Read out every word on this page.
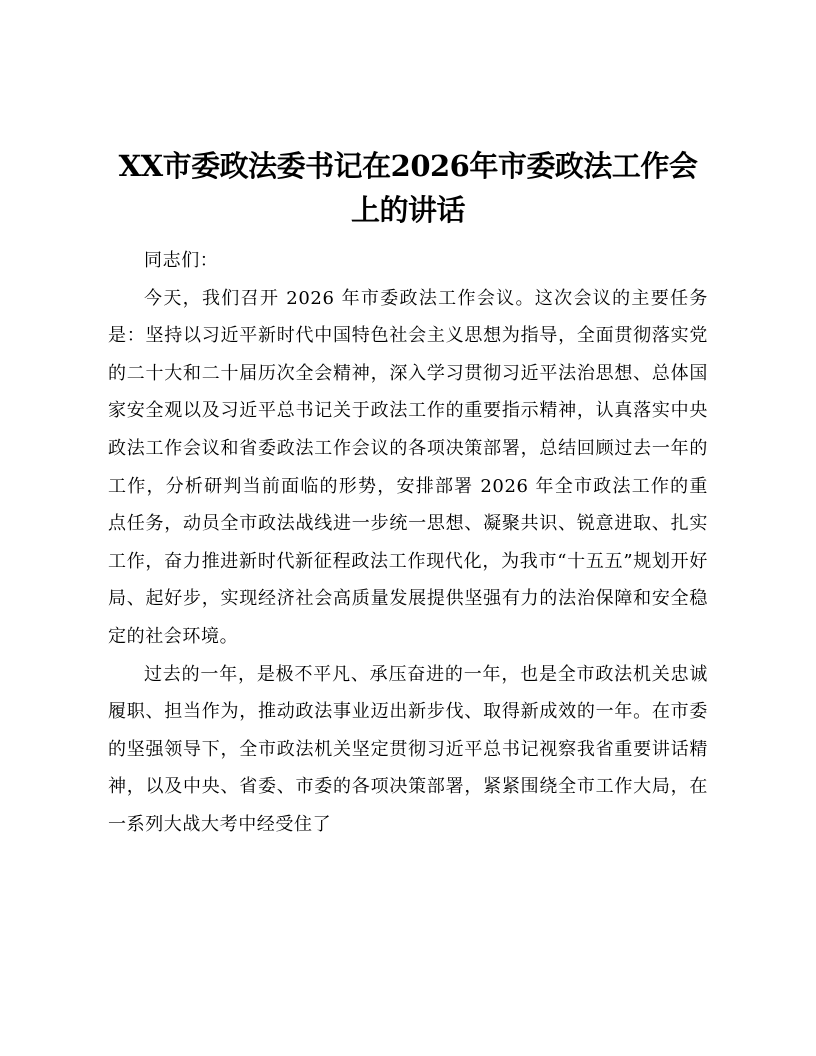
XX市委政法委书记在2026年市委政法工作会上的讲话

同志们：

今天，我们召开 2026 年市委政法工作会议。这次会议的主要任务是：坚持以习近平新时代中国特色社会主义思想为指导，全面贯彻落实党的二十大和二十届历次全会精神，深入学习贯彻习近平法治思想、总体国家安全观以及习近平总书记关于政法工作的重要指示精神，认真落实中央政法工作会议和省委政法工作会议的各项决策部署，总结回顾过去一年的工作，分析研判当前面临的形势，安排部署 2026 年全市政法工作的重点任务，动员全市政法战线进一步统一思想、凝聚共识、锐意进取、扎实工作，奋力推进新时代新征程政法工作现代化，为我市“十五五”规划开好局、起好步，实现经济社会高质量发展提供坚强有力的法治保障和安全稳定的社会环境。

过去的一年，是极不平凡、承压奋进的一年，也是全市政法机关忠诚履职、担当作为，推动政法事业迈出新步伐、取得新成效的一年。在市委的坚强领导下，全市政法机关坚定贯彻习近平总书记视察我省重要讲话精神，以及中央、省委、市委的各项决策部署，紧紧围绕全市工作大局，在一系列大战大考中经受住了
